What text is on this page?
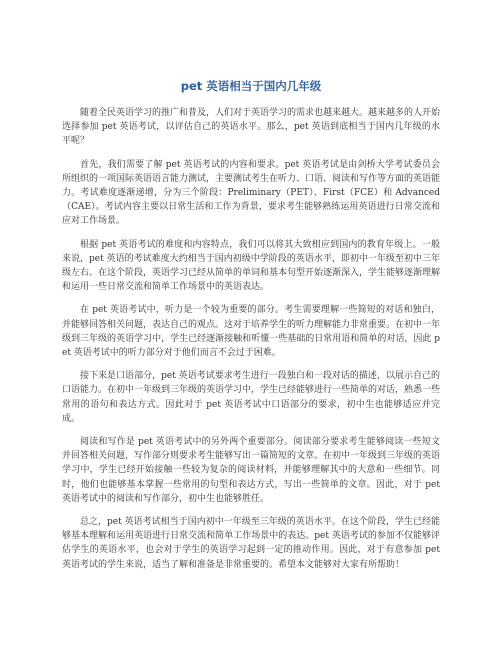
pet 英语相当于国内几年级

随着全民英语学习的推广和普及，人们对于英语学习的需求也越来越大。越来越多的人开始选择参加 pet 英语考试，以评估自己的英语水平。那么，pet 英语到底相当于国内几年级的水平呢？

首先，我们需要了解 pet 英语考试的内容和要求。pet 英语考试是由剑桥大学考试委员会所组织的一项国际英语语言能力测试，主要测试考生在听力、口语、阅读和写作等方面的英语能力。考试难度逐渐递增，分为三个阶段：Preliminary（PET）、First（FCE）和 Advanced（CAE）。考试内容主要以日常生活和工作为背景，要求考生能够熟练运用英语进行日常交流和应对工作场景。

根据 pet 英语考试的难度和内容特点，我们可以将其大致相应到国内的教育年级上。一般来说，pet 英语的考试难度大约相当于国内初级中学阶段的英语水平，即初中一年级至初中三年级左右。在这个阶段，英语学习已经从简单的单词和基本句型开始逐渐深入，学生能够逐渐理解和运用一些日常交流和简单工作场景中的英语表达。

在 pet 英语考试中，听力是一个较为重要的部分。考生需要理解一些简短的对话和独白，并能够回答相关问题，表达自己的观点。这对于培养学生的听力理解能力非常重要。在初中一年级到三年级的英语学习中，学生已经逐渐接触和听懂一些基础的日常用语和简单的对话，因此 pet 英语考试中的听力部分对于他们而言不会过于困难。

接下来是口语部分，pet 英语考试要求考生进行一段独白和一段对话的描述，以展示自己的口语能力。在初中一年级到三年级的英语学习中，学生已经能够进行一些简单的对话，熟悉一些常用的语句和表达方式。因此对于 pet 英语考试中口语部分的要求，初中生也能够适应并完成。

阅读和写作是 pet 英语考试中的另外两个重要部分。阅读部分要求考生能够阅读一些短文并回答相关问题，写作部分则要求考生能够写出一篇简短的文章。在初中一年级到三年级的英语学习中，学生已经开始接触一些较为复杂的阅读材料，并能够理解其中的大意和一些细节。同时，他们也能够基本掌握一些常用的句型和表达方式，写出一些简单的文章。因此，对于 pet 英语考试中的阅读和写作部分，初中生也能够胜任。

总之，pet 英语考试相当于国内初中一年级至三年级的英语水平。在这个阶段，学生已经能够基本理解和运用英语进行日常交流和简单工作场景中的表达。pet 英语考试的参加不仅能够评估学生的英语水平，也会对于学生的英语学习起到一定的推动作用。因此，对于有意参加 pet 英语考试的学生来说，适当了解和准备是非常重要的。希望本文能够对大家有所帮助！
